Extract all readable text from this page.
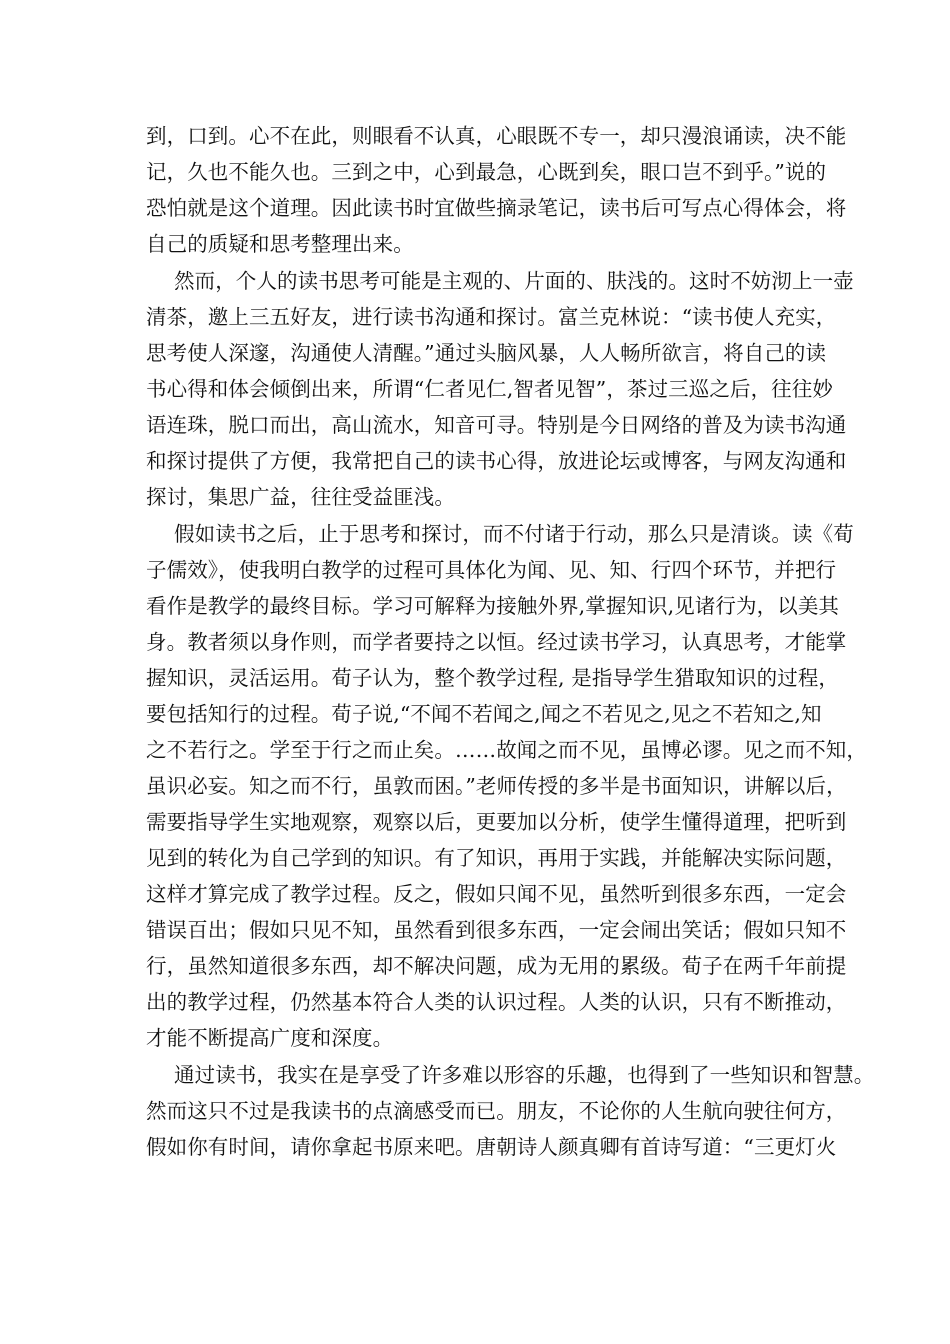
到，口到。心不在此，则眼看不认真，心眼既不专一，却只漫浪诵读，决不能
记，久也不能久也。三到之中，心到最急，心既到矣，眼口岂不到乎。”说的
恐怕就是这个道理。因此读书时宜做些摘录笔记，读书后可写点心得体会，将
自己的质疑和思考整理出来。
然而，个人的读书思考可能是主观的、片面的、肤浅的。这时不妨沏上一壶
清茶，邀上三五好友，进行读书沟通和探讨。富兰克林说：“读书使人充实，
思考使人深邃，沟通使人清醒。”通过头脑风暴，人人畅所欲言，将自己的读
书心得和体会倾倒出来，所谓“仁者见仁,智者见智”，茶过三巡之后，往往妙
语连珠，脱口而出，高山流水，知音可寻。特别是今日网络的普及为读书沟通
和探讨提供了方便，我常把自己的读书心得，放进论坛或博客，与网友沟通和
探讨，集思广益，往往受益匪浅。
假如读书之后，止于思考和探讨，而不付诸于行动，那么只是清谈。读《荀
子儒效》，使我明白教学的过程可具体化为闻、见、知、行四个环节，并把行
看作是教学的最终目标。学习可解释为接触外界,掌握知识,见诸行为，以美其
身。教者须以身作则，而学者要持之以恒。经过读书学习，认真思考，才能掌
握知识，灵活运用。荀子认为，整个教学过程, 是指导学生猎取知识的过程，
要包括知行的过程。荀子说,“不闻不若闻之,闻之不若见之,见之不若知之,知
之不若行之。学至于行之而止矣。……故闻之而不见，虽博必谬。见之而不知，
虽识必妄。知之而不行，虽敦而困。”老师传授的多半是书面知识，讲解以后，
需要指导学生实地观察，观察以后，更要加以分析，使学生懂得道理，把听到
见到的转化为自己学到的知识。有了知识，再用于实践，并能解决实际问题，
这样才算完成了教学过程。反之，假如只闻不见，虽然听到很多东西，一定会
错误百出；假如只见不知，虽然看到很多东西，一定会闹出笑话；假如只知不
行，虽然知道很多东西，却不解决问题，成为无用的累级。荀子在两千年前提
出的教学过程，仍然基本符合人类的认识过程。人类的认识，只有不断推动，
才能不断提高广度和深度。
通过读书，我实在是享受了许多难以形容的乐趣，也得到了一些知识和智慧。
然而这只不过是我读书的点滴感受而已。朋友，不论你的人生航向驶往何方，
假如你有时间，请你拿起书原来吧。唐朝诗人颜真卿有首诗写道：“三更灯火
